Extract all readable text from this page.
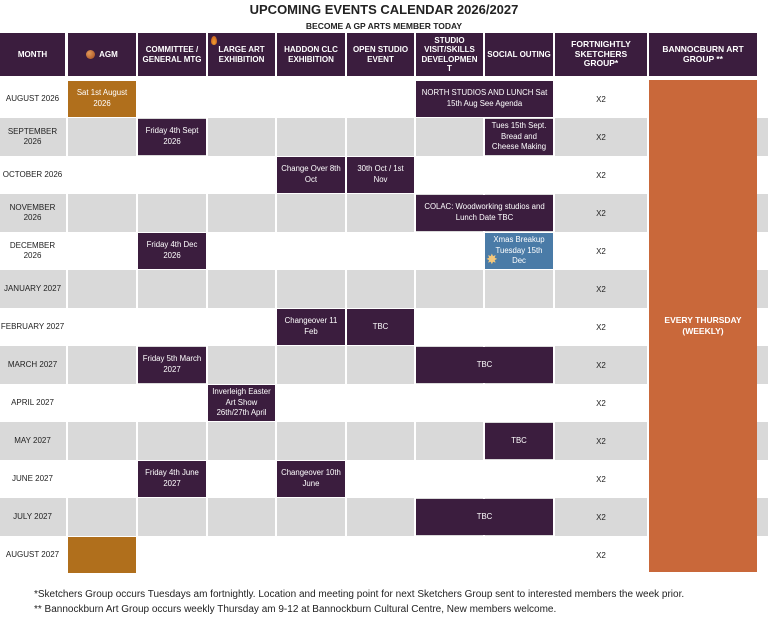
UPCOMING EVENTS CALENDAR 2026/2027
BECOME A GP ARTS MEMBER TODAY
MONTH	AGM
COMMITTEE / GENERAL MTG
LARGE ART EXHIBITION
HADDON CLC EXHIBITION
OPEN STUDIO EVENT
STUDIO VISIT/SKILLS DEVELOPMEN T
SOCIAL OUTING
FORTNIGHTLY SKETCHERS GROUP*
BANNOCBURN ART GROUP **
AUGUST 2026
SEPTEMBER 2026
OCTOBER 2026
NOVEMBER 2026
DECEMBER 2026
JANUARY 2027
FEBRUARY 2027
MARCH 2027
APRIL 2027
MAY 2027
JUNE 2027
JULY 2027
AUGUST 2027
X2
X2
X2
X2
X2
X2
X2
X2
X2
X2
X2
X2
X2
Sat 1st August 2026
NORTH STUDIOS AND LUNCH Sat 15th Aug See Agenda
Friday 4th Sept 2026
Tues 15th Sept. Bread and Cheese Making
Change Over 8th Oct
30th Oct / 1st Nov
COLAC: Woodworking studios and Lunch Date TBC
Friday 4th Dec 2026
Xmas Breakup Tuesday 15th Dec
✸
Changeover 11 Feb
TBC
Friday 5th March 2027
TBC
Inverleigh Easter Art Show 26th/27th April
TBC
Friday 4th June 2027
Changeover 10th June
TBC
EVERY THURSDAY (WEEKLY)
*Sketchers Group occurs Tuesdays am fortnightly. Location and meeting point for next Sketchers Group sent to interested members the week prior.
** Bannockburn Art Group occurs weekly Thursday am 9-12 at Bannockburn Cultural Centre, New members welcome.
